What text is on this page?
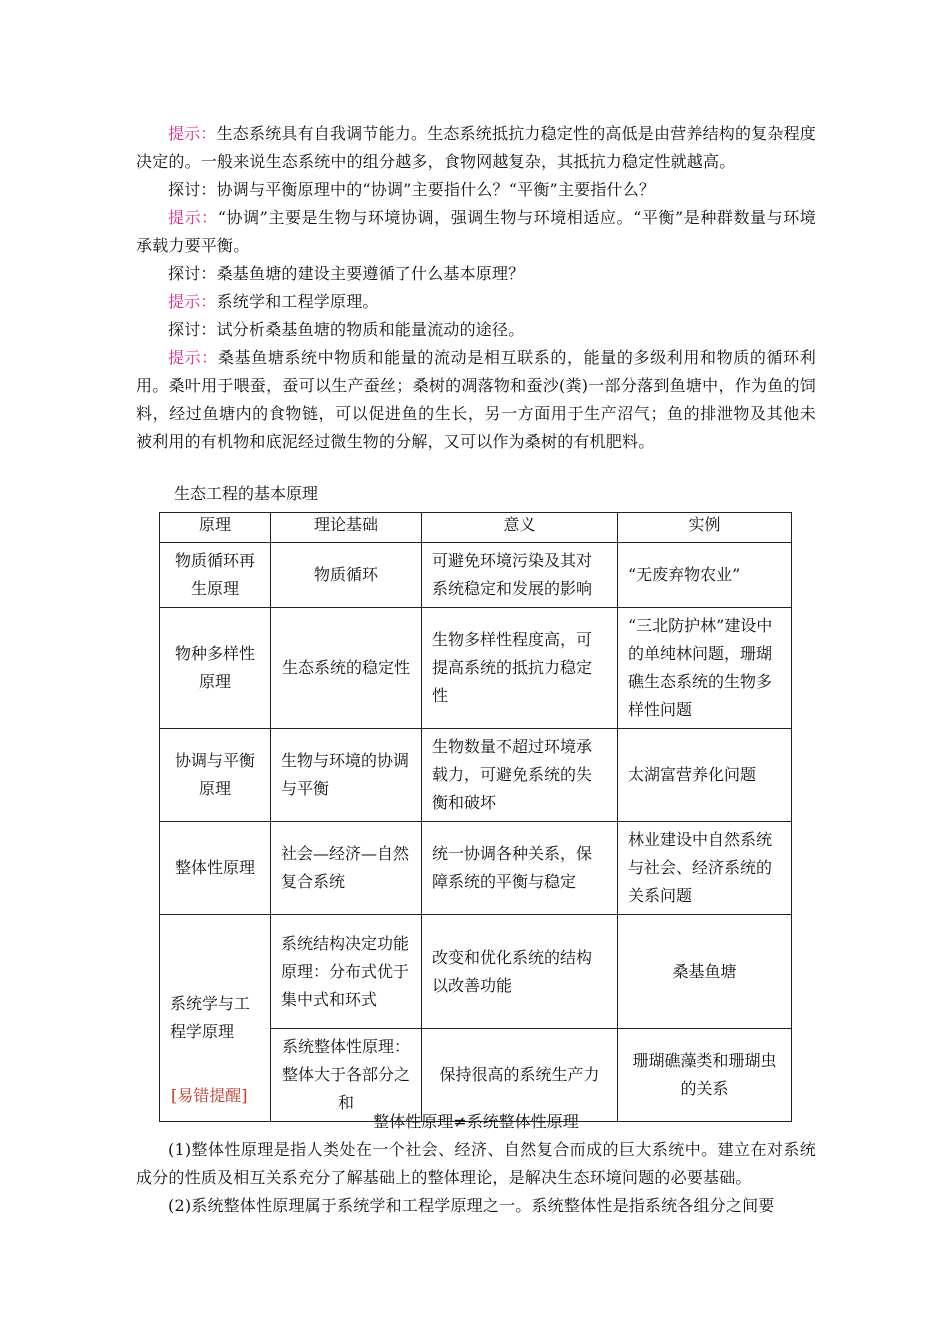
提示：生态系统具有自我调节能力。生态系统抵抗力稳定性的高低是由营养结构的复杂程度决定的。一般来说生态系统中的组分越多，食物网越复杂，其抵抗力稳定性就越高。

探讨：协调与平衡原理中的“协调”主要指什么？“平衡”主要指什么？

提示：“协调”主要是生物与环境协调，强调生物与环境相适应。“平衡”是种群数量与环境承载力要平衡。

探讨：桑基鱼塘的建设主要遵循了什么基本原理？

提示：系统学和工程学原理。

探讨：试分析桑基鱼塘的物质和能量流动的途径。

提示：桑基鱼塘系统中物质和能量的流动是相互联系的，能量的多级利用和物质的循环利用。桑叶用于喂蚕，蚕可以生产蚕丝；桑树的凋落物和蚕沙(粪)一部分落到鱼塘中，作为鱼的饲料，经过鱼塘内的食物链，可以促进鱼的生长，另一方面用于生产沼气；鱼的排泄物及其他未被利用的有机物和底泥经过微生物的分解，又可以作为桑树的有机肥料。

生态工程的基本原理

原理	理论基础	意义	实例
物质循环再生原理	物质循环	可避免环境污染及其对系统稳定和发展的影响	“无废弃物农业”
物种多样性原理	生态系统的稳定性	生物多样性程度高，可提高系统的抵抗力稳定性	“三北防护林”建设中的单纯林问题，珊瑚礁生态系统的生物多样性问题
协调与平衡原理	生物与环境的协调与平衡	生物数量不超过环境承载力，可避免系统的失衡和破坏	太湖富营养化问题
整体性原理	社会—经济—自然复合系统	统一协调各种关系，保障系统的平衡与稳定	林业建设中自然系统与社会、经济系统的关系问题
系统学与工程学原理	系统结构决定功能原理：分布式优于集中式和环式	改变和优化系统的结构以改善功能	桑基鱼塘
	系统整体性原理：整体大于各部分之和	保持很高的系统生产力	珊瑚礁藻类和珊瑚虫的关系

[易错提醒]

整体性原理≠系统整体性原理

(1)整体性原理是指人类处在一个社会、经济、自然复合而成的巨大系统中。建立在对系统成分的性质及相互关系充分了解基础上的整体理论，是解决生态环境问题的必要基础。

(2)系统整体性原理属于系统学和工程学原理之一。系统整体性是指系统各组分之间要
